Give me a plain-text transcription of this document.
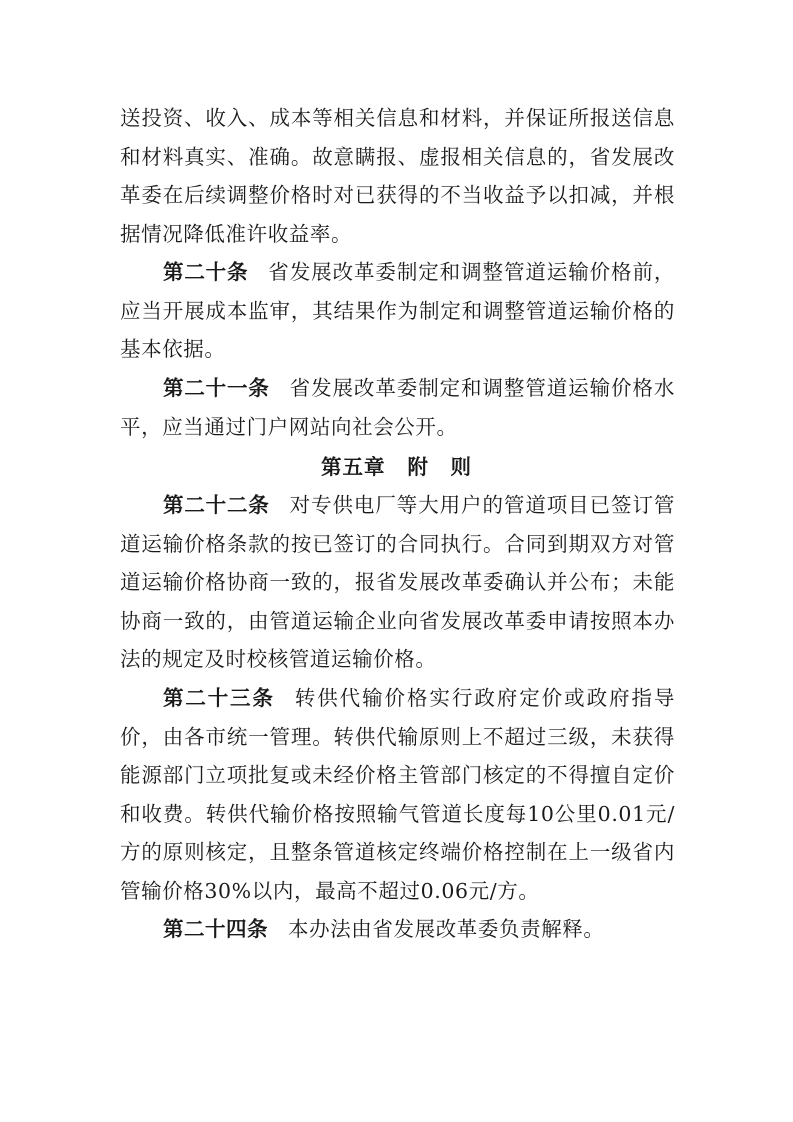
送投资、收入、成本等相关信息和材料，并保证所报送信息和材料真实、准确。故意瞒报、虚报相关信息的，省发展改革委在后续调整价格时对已获得的不当收益予以扣减，并根据情况降低准许收益率。

第二十条 省发展改革委制定和调整管道运输价格前，应当开展成本监审，其结果作为制定和调整管道运输价格的基本依据。

第二十一条 省发展改革委制定和调整管道运输价格水平，应当通过门户网站向社会公开。

第五章 附　则

第二十二条 对专供电厂等大用户的管道项目已签订管道运输价格条款的按已签订的合同执行。合同到期双方对管道运输价格协商一致的，报省发展改革委确认并公布；未能协商一致的，由管道运输企业向省发展改革委申请按照本办法的规定及时校核管道运输价格。

第二十三条 转供代输价格实行政府定价或政府指导价，由各市统一管理。转供代输原则上不超过三级，未获得能源部门立项批复或未经价格主管部门核定的不得擅自定价和收费。转供代输价格按照输气管道长度每10公里0.01元/方的原则核定，且整条管道核定终端价格控制在上一级省内管输价格30%以内，最高不超过0.06元/方。

第二十四条 本办法由省发展改革委负责解释。
